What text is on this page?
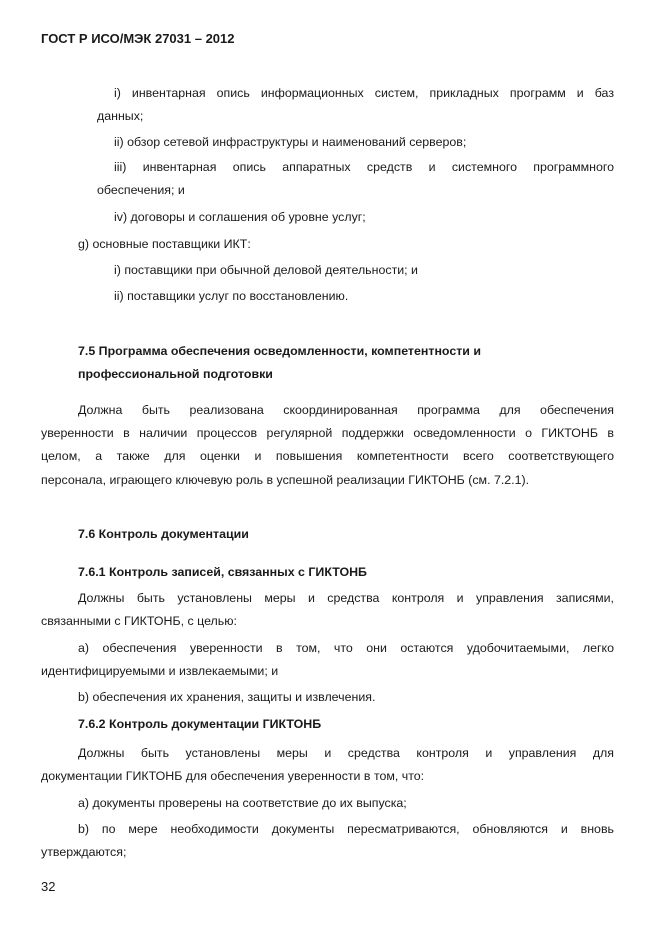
ГОСТ Р ИСО/МЭК 27031 – 2012
i) инвентарная опись информационных систем, прикладных программ и баз
данных;
ii) обзор сетевой инфраструктуры и наименований серверов;
iii) инвентарная опись аппаратных средств и системного программного
обеспечения; и
iv) договоры и соглашения об уровне услуг;
g) основные поставщики ИКТ:
i) поставщики при обычной деловой деятельности; и
ii) поставщики услуг по восстановлению.
7.5 Программа обеспечения осведомленности, компетентности и
профессиональной подготовки
Должна быть реализована скоординированная программа для обеспечения
уверенности в наличии процессов регулярной поддержки осведомленности о ГИКТОНБ в
целом, а также для оценки и повышения компетентности всего соответствующего
персонала, играющего ключевую роль в успешной реализации ГИКТОНБ (см. 7.2.1).
7.6 Контроль документации
7.6.1 Контроль записей, связанных с ГИКТОНБ
Должны быть установлены меры и средства контроля и управления записями,
связанными с ГИКТОНБ, с целью:
а) обеспечения уверенности в том, что они остаются удобочитаемыми, легко
идентифицируемыми и извлекаемыми; и
b) обеспечения их хранения, защиты и извлечения.
7.6.2 Контроль документации ГИКТОНБ
Должны быть установлены меры и средства контроля и управления для
документации ГИКТОНБ для обеспечения уверенности в том, что:
а) документы проверены на соответствие до их выпуска;
b) по мере необходимости документы пересматриваются, обновляются и вновь
утверждаются;
32
